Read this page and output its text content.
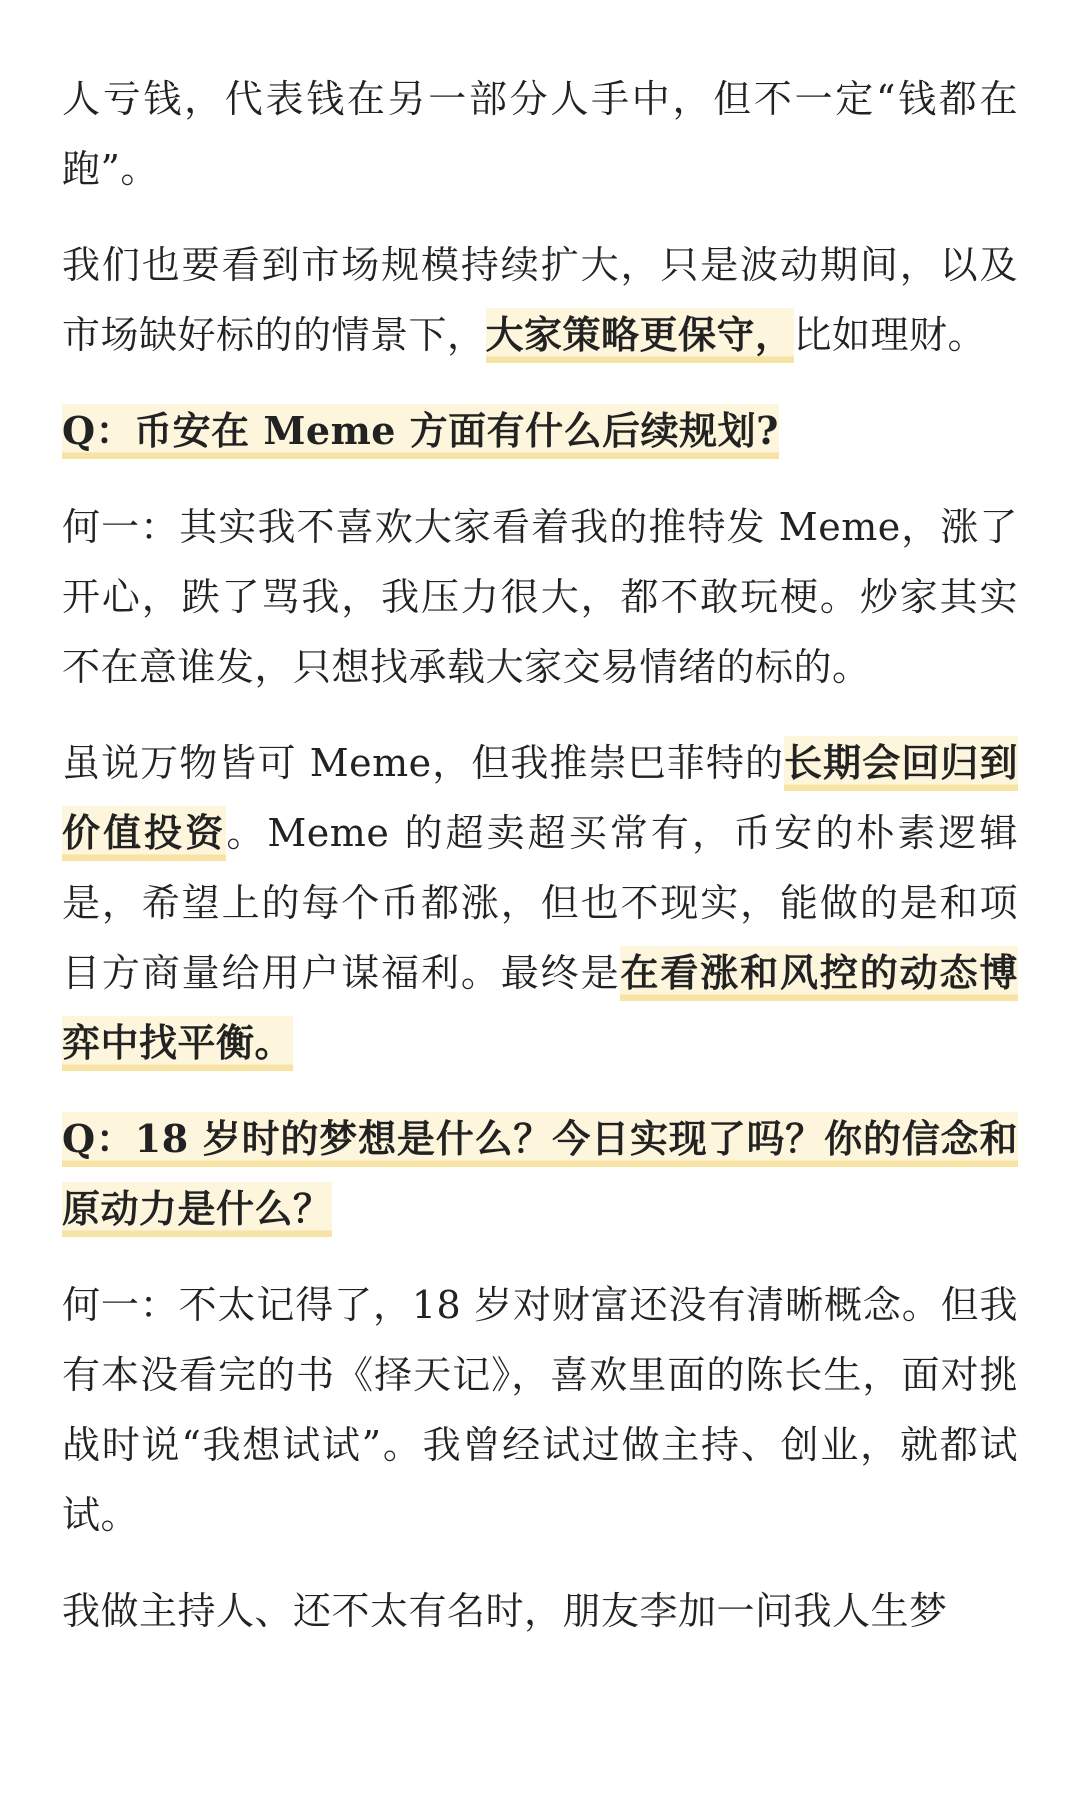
人亏钱，代表钱在另一部分人手中，但不一定“钱都在跑”。

我们也要看到市场规模持续扩大，只是波动期间，以及市场缺好标的的情景下，大家策略更保守，比如理财。

Q：币安在 Meme 方面有什么后续规划?

何一：其实我不喜欢大家看着我的推特发 Meme，涨了开心，跌了骂我，我压力很大，都不敢玩梗。炒家其实不在意谁发，只想找承载大家交易情绪的标的。

虽说万物皆可 Meme，但我推崇巴菲特的长期会回归到价值投资。Meme 的超卖超买常有，币安的朴素逻辑是，希望上的每个币都涨，但也不现实，能做的是和项目方商量给用户谋福利。最终是在看涨和风控的动态博弈中找平衡。

Q：18 岁时的梦想是什么？今日实现了吗？你的信念和原动力是什么？

何一：不太记得了，18 岁对财富还没有清晰概念。但我有本没看完的书《择天记》，喜欢里面的陈长生，面对挑战时说“我想试试”。我曾经试过做主持、创业，就都试试。

我做主持人、还不太有名时，朋友李加一问我人生梦
